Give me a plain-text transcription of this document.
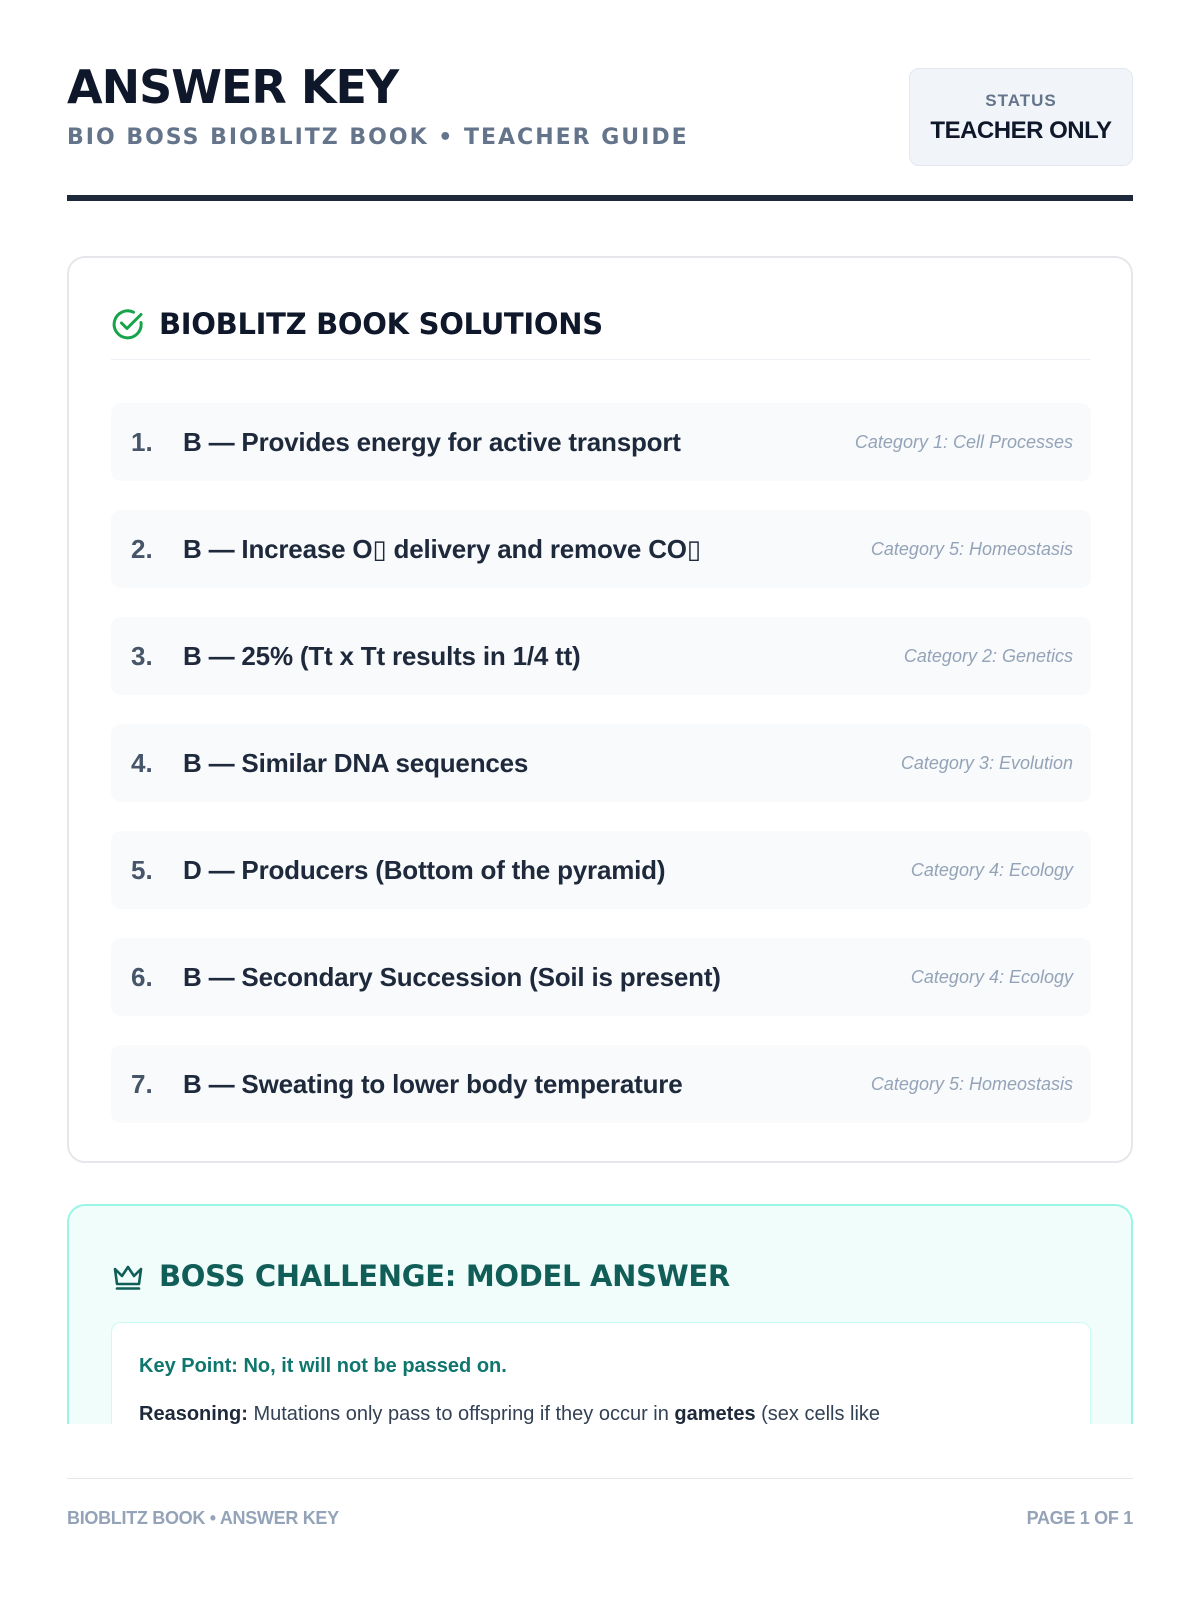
ANSWER KEY
BIO BOSS BIOBLITZ BOOK • TEACHER GUIDE
STATUS
TEACHER ONLY
BIOBLITZ BOOK SOLUTIONS
1. B — Provides energy for active transport	Category 1: Cell Processes
2. B — Increase O▯ delivery and remove CO▯	Category 5: Homeostasis
3. B — 25% (Tt x Tt results in 1/4 tt)	Category 2: Genetics
4. B — Similar DNA sequences	Category 3: Evolution
5. D — Producers (Bottom of the pyramid)	Category 4: Ecology
6. B — Secondary Succession (Soil is present)	Category 4: Ecology
7. B — Sweating to lower body temperature	Category 5: Homeostasis
BOSS CHALLENGE: MODEL ANSWER
Key Point: No, it will not be passed on.
Reasoning: Mutations only pass to offspring if they occur in gametes (sex cells like
BIOBLITZ BOOK • ANSWER KEY	PAGE 1 OF 1
